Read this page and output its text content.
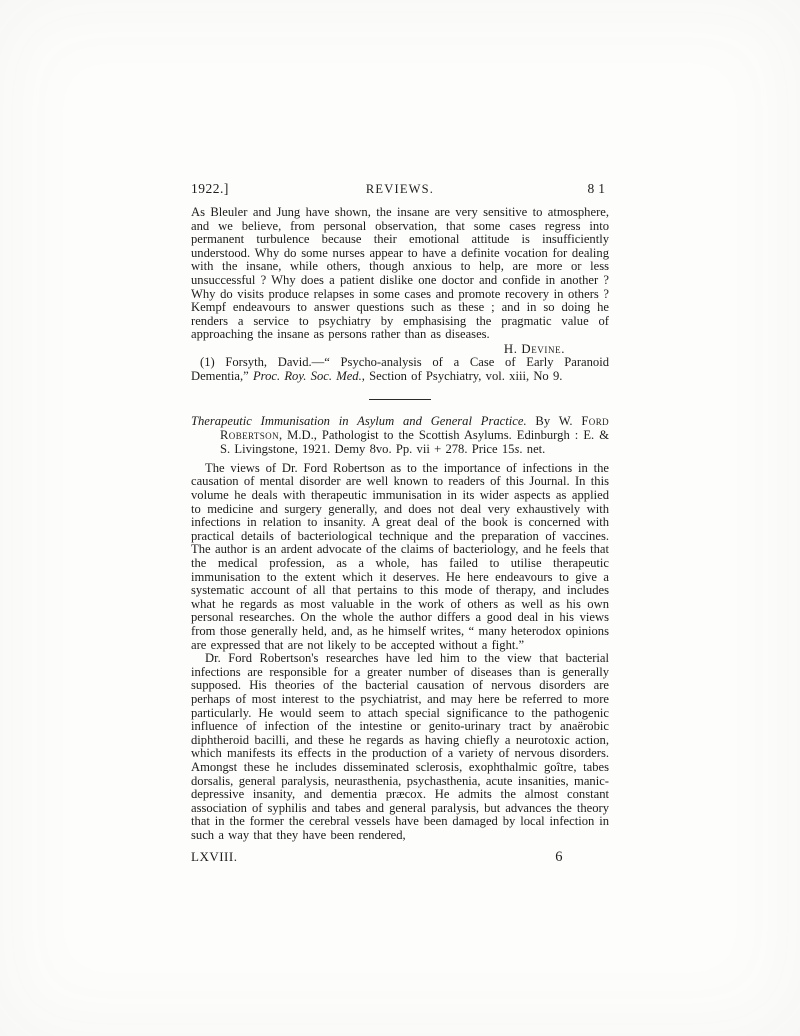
1922.]	REVIEWS.	81

As Bleuler and Jung have shown, the insane are very sensitive to atmosphere, and we believe, from personal observation, that some cases regress into permanent turbulence because their emotional attitude is insufficiently understood. Why do some nurses appear to have a definite vocation for dealing with the insane, while others, though anxious to help, are more or less unsuccessful ? Why does a patient dislike one doctor and confide in another ? Why do visits produce relapses in some cases and promote recovery in others ? Kempf endeavours to answer questions such as these ; and in so doing he renders a service to psychiatry by emphasising the pragmatic value of approaching the insane as persons rather than as diseases.

H. Devine.

(1) Forsyth, David.—“ Psycho-analysis of a Case of Early Paranoid Dementia,” Proc. Roy. Soc. Med., Section of Psychiatry, vol. xiii, No 9.

Therapeutic Immunisation in Asylum and General Practice. By W. Ford Robertson, M.D., Pathologist to the Scottish Asylums. Edinburgh : E. & S. Livingstone, 1921. Demy 8vo. Pp. vii + 278. Price 15s. net.

The views of Dr. Ford Robertson as to the importance of infections in the causation of mental disorder are well known to readers of this Journal. In this volume he deals with therapeutic immunisation in its wider aspects as applied to medicine and surgery generally, and does not deal very exhaustively with infections in relation to insanity. A great deal of the book is concerned with practical details of bacteriological technique and the preparation of vaccines. The author is an ardent advocate of the claims of bacteriology, and he feels that the medical profession, as a whole, has failed to utilise therapeutic immunisation to the extent which it deserves. He here endeavours to give a systematic account of all that pertains to this mode of therapy, and includes what he regards as most valuable in the work of others as well as his own personal researches. On the whole the author differs a good deal in his views from those generally held, and, as he himself writes, “ many heterodox opinions are expressed that are not likely to be accepted without a fight.”

Dr. Ford Robertson's researches have led him to the view that bacterial infections are responsible for a greater number of diseases than is generally supposed. His theories of the bacterial causation of nervous disorders are perhaps of most interest to the psychiatrist, and may here be referred to more particularly. He would seem to attach special significance to the pathogenic influence of infection of the intestine or genito-urinary tract by anaërobic diphtheroid bacilli, and these he regards as having chiefly a neurotoxic action, which manifests its effects in the production of a variety of nervous disorders. Amongst these he includes disseminated sclerosis, exophthalmic goître, tabes dorsalis, general paralysis, neurasthenia, psychasthenia, acute insanities, manic-depressive insanity, and dementia præcox. He admits the almost constant association of syphilis and tabes and general paralysis, but advances the theory that in the former the cerebral vessels have been damaged by local infection in such a way that they have been rendered,

LXVIII.	6
